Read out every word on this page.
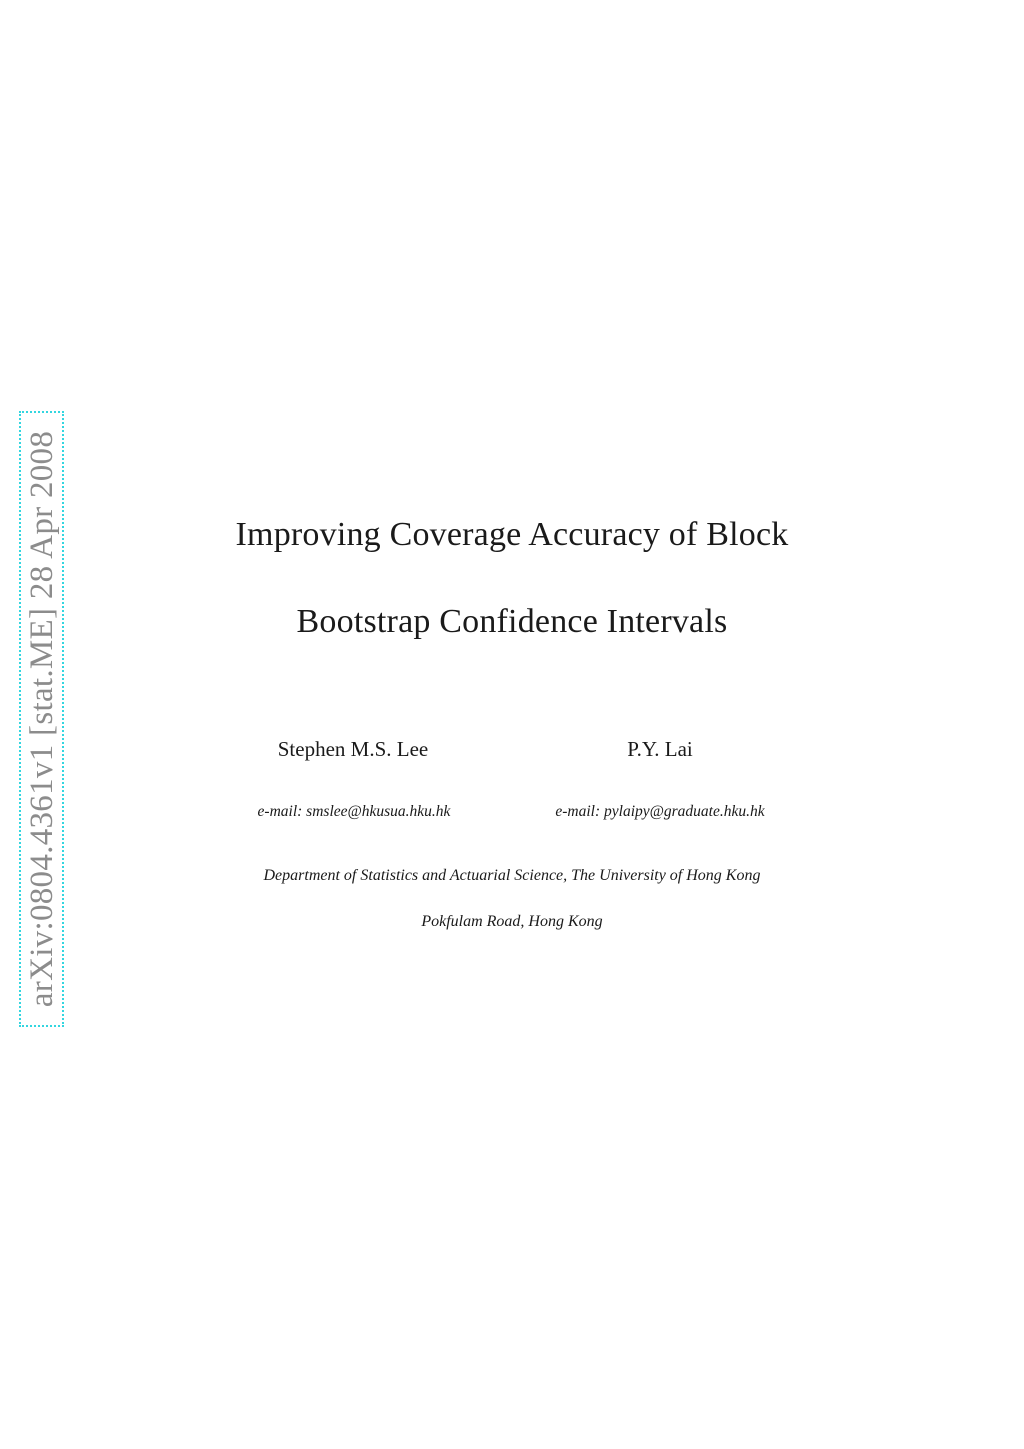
arXiv:0804.4361v1 [stat.ME] 28 Apr 2008	Improving Coverage Accuracy of Block
Bootstrap Confidence Intervals
Stephen M.S. Lee	P.Y. Lai
e-mail: smslee@hkusua.hku.hk	e-mail: pylaipy@graduate.hku.hk
Department of Statistics and Actuarial Science, The University of Hong Kong
Pokfulam Road, Hong Kong
